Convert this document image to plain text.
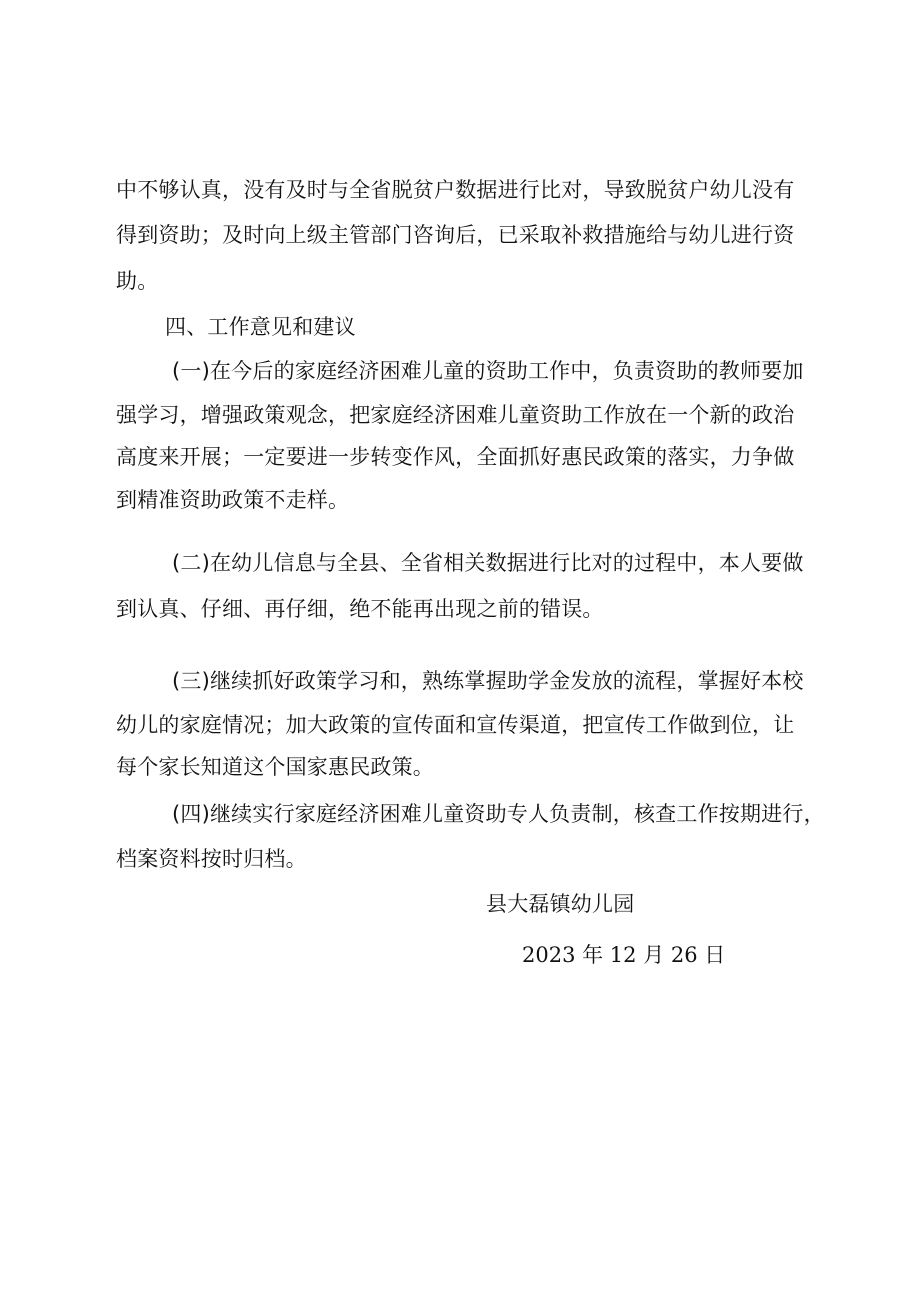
中不够认真，没有及时与全省脱贫户数据进行比对，导致脱贫户幼儿没有
得到资助；及时向上级主管部门咨询后，已采取补救措施给与幼儿进行资
助。
四、工作意见和建议
(一)在今后的家庭经济困难儿童的资助工作中，负责资助的教师要加
强学习，增强政策观念，把家庭经济困难儿童资助工作放在一个新的政治
高度来开展；一定要进一步转变作风，全面抓好惠民政策的落实，力争做
到精准资助政策不走样。
(二)在幼儿信息与全县、全省相关数据进行比对的过程中，本人要做
到认真、仔细、再仔细，绝不能再出现之前的错误。
(三)继续抓好政策学习和，熟练掌握助学金发放的流程，掌握好本校
幼儿的家庭情况；加大政策的宣传面和宣传渠道，把宣传工作做到位，让
每个家长知道这个国家惠民政策。
(四)继续实行家庭经济困难儿童资助专人负责制，核查工作按期进行，
档案资料按时归档。
县大磊镇幼儿园
2023 年 12 月 26 日
